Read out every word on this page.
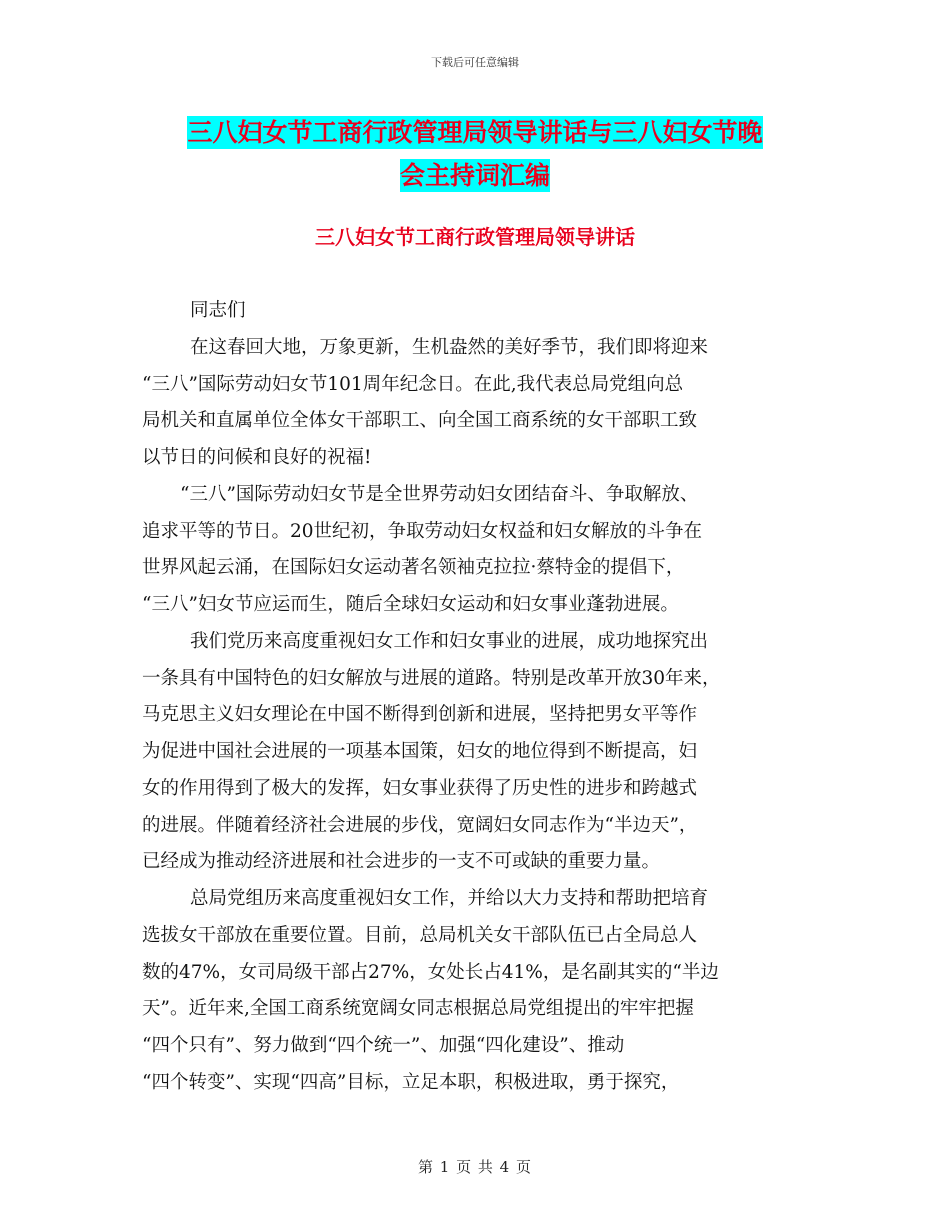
下载后可任意编辑
三八妇女节工商行政管理局领导讲话与三八妇女节晚
会主持词汇编
三八妇女节工商行政管理局领导讲话
同志们
在这春回大地，万象更新，生机盎然的美好季节，我们即将迎来
“三八”国际劳动妇女节101周年纪念日。在此,我代表总局党组向总
局机关和直属单位全体女干部职工、向全国工商系统的女干部职工致
以节日的问候和良好的祝福!
“三八”国际劳动妇女节是全世界劳动妇女团结奋斗、争取解放、
追求平等的节日。20世纪初，争取劳动妇女权益和妇女解放的斗争在
世界风起云涌，在国际妇女运动著名领袖克拉拉·蔡特金的提倡下，
“三八”妇女节应运而生，随后全球妇女运动和妇女事业蓬勃进展。
我们党历来高度重视妇女工作和妇女事业的进展，成功地探究出
一条具有中国特色的妇女解放与进展的道路。特别是改革开放30年来，
马克思主义妇女理论在中国不断得到创新和进展，坚持把男女平等作
为促进中国社会进展的一项基本国策，妇女的地位得到不断提高，妇
女的作用得到了极大的发挥，妇女事业获得了历史性的进步和跨越式
的进展。伴随着经济社会进展的步伐，宽阔妇女同志作为“半边天”，
已经成为推动经济进展和社会进步的一支不可或缺的重要力量。
总局党组历来高度重视妇女工作，并给以大力支持和帮助把培育
选拔女干部放在重要位置。目前，总局机关女干部队伍已占全局总人
数的47%，女司局级干部占27%，女处长占41%，是名副其实的“半边
天”。近年来,全国工商系统宽阔女同志根据总局党组提出的牢牢把握
“四个只有”、努力做到“四个统一”、加强“四化建设”、推动
“四个转变”、实现“四高”目标，立足本职，积极进取，勇于探究，
第 1 页 共 4 页
